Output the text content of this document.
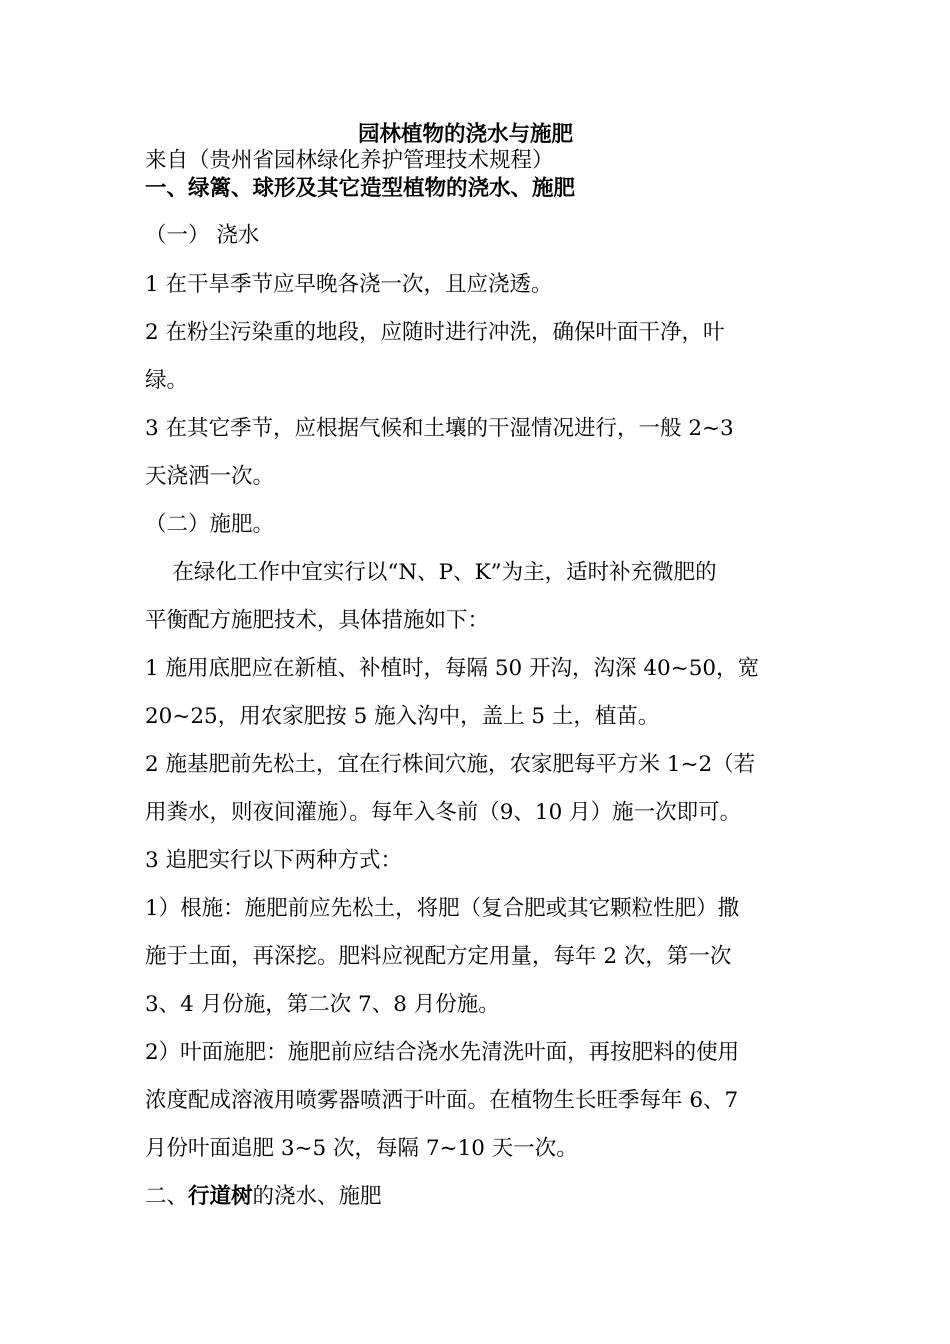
园林植物的浇水与施肥
来自（贵州省园林绿化养护管理技术规程）
一、绿篱、球形及其它造型植物的浇水、施肥
（一） 浇水
1 在干旱季节应早晚各浇一次，且应浇透。
2 在粉尘污染重的地段，应随时进行冲洗，确保叶面干净，叶
绿。
3 在其它季节，应根据气候和土壤的干湿情况进行，一般 2~3
天浇洒一次。
（二）施肥。
在绿化工作中宜实行以“N、P、K”为主，适时补充微肥的
平衡配方施肥技术，具体措施如下：
1 施用底肥应在新植、补植时，每隔 50 开沟，沟深 40~50，宽
20~25，用农家肥按 5 施入沟中，盖上 5 土，植苗。
2 施基肥前先松土，宜在行株间穴施，农家肥每平方米 1~2（若
用粪水，则夜间灌施）。每年入冬前（9、10 月）施一次即可。
3 追肥实行以下两种方式：
1）根施：施肥前应先松土，将肥（复合肥或其它颗粒性肥）撒
施于土面，再深挖。肥料应视配方定用量，每年 2 次，第一次
3、4 月份施，第二次 7、8 月份施。
2）叶面施肥：施肥前应结合浇水先清洗叶面，再按肥料的使用
浓度配成溶液用喷雾器喷洒于叶面。在植物生长旺季每年 6、7
月份叶面追肥 3~5 次，每隔 7~10 天一次。
二、行道树的浇水、施肥
